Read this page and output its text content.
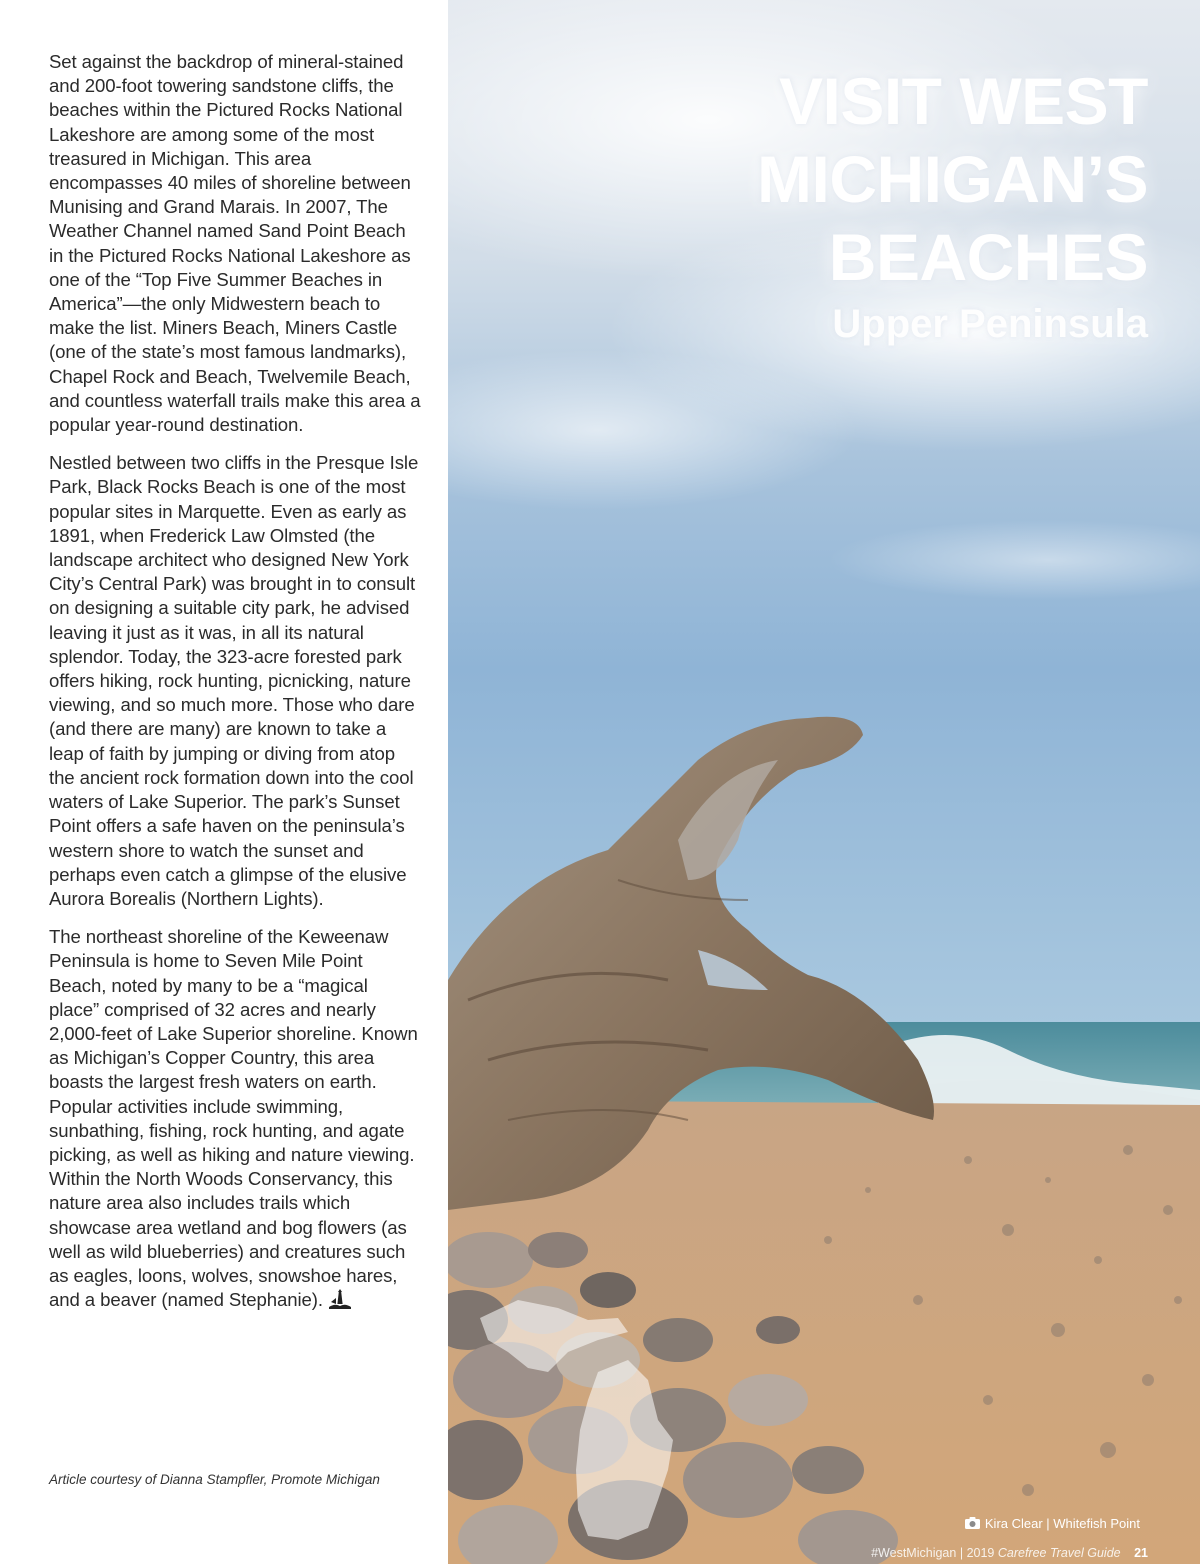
Set against the backdrop of mineral-stained and 200-foot towering sandstone cliffs, the beaches within the Pictured Rocks National Lakeshore are among some of the most treasured in Michigan. This area encompasses 40 miles of shoreline between Munising and Grand Marais. In 2007, The Weather Channel named Sand Point Beach in the Pictured Rocks National Lakeshore as one of the “Top Five Summer Beaches in America”—the only Midwestern beach to make the list. Miners Beach, Miners Castle (one of the state’s most famous landmarks), Chapel Rock and Beach, Twelvemile Beach, and countless waterfall trails make this area a popular year-round destination.

Nestled between two cliffs in the Presque Isle Park, Black Rocks Beach is one of the most popular sites in Marquette. Even as early as 1891, when Frederick Law Olmsted (the landscape architect who designed New York City’s Central Park) was brought in to consult on designing a suitable city park, he advised leaving it just as it was, in all its natural splendor. Today, the 323-acre forested park offers hiking, rock hunting, picnicking, nature viewing, and so much more. Those who dare (and there are many) are known to take a leap of faith by jumping or diving from atop the ancient rock formation down into the cool waters of Lake Superior. The park’s Sunset Point offers a safe haven on the peninsula’s western shore to watch the sunset and perhaps even catch a glimpse of the elusive Aurora Borealis (Northern Lights).

The northeast shoreline of the Keweenaw Peninsula is home to Seven Mile Point Beach, noted by many to be a “magical place” comprised of 32 acres and nearly 2,000-feet of Lake Superior shoreline. Known as Michigan’s Copper Country, this area boasts the largest fresh waters on earth. Popular activities include swimming, sunbathing, fishing, rock hunting, and agate picking, as well as hiking and nature viewing. Within the North Woods Conservancy, this nature area also includes trails which showcase area wetland and bog flowers (as well as wild blueberries) and creatures such as eagles, loons, wolves, snowshoe hares, and a beaver (named Stephanie).

Article courtesy of Dianna Stampfler, Promote Michigan
VISIT WEST
MICHIGAN’S
BEACHES
Upper Peninsula
Kira Clear | Whitefish Point
#WestMichigan | 2019 Carefree Travel Guide 21
